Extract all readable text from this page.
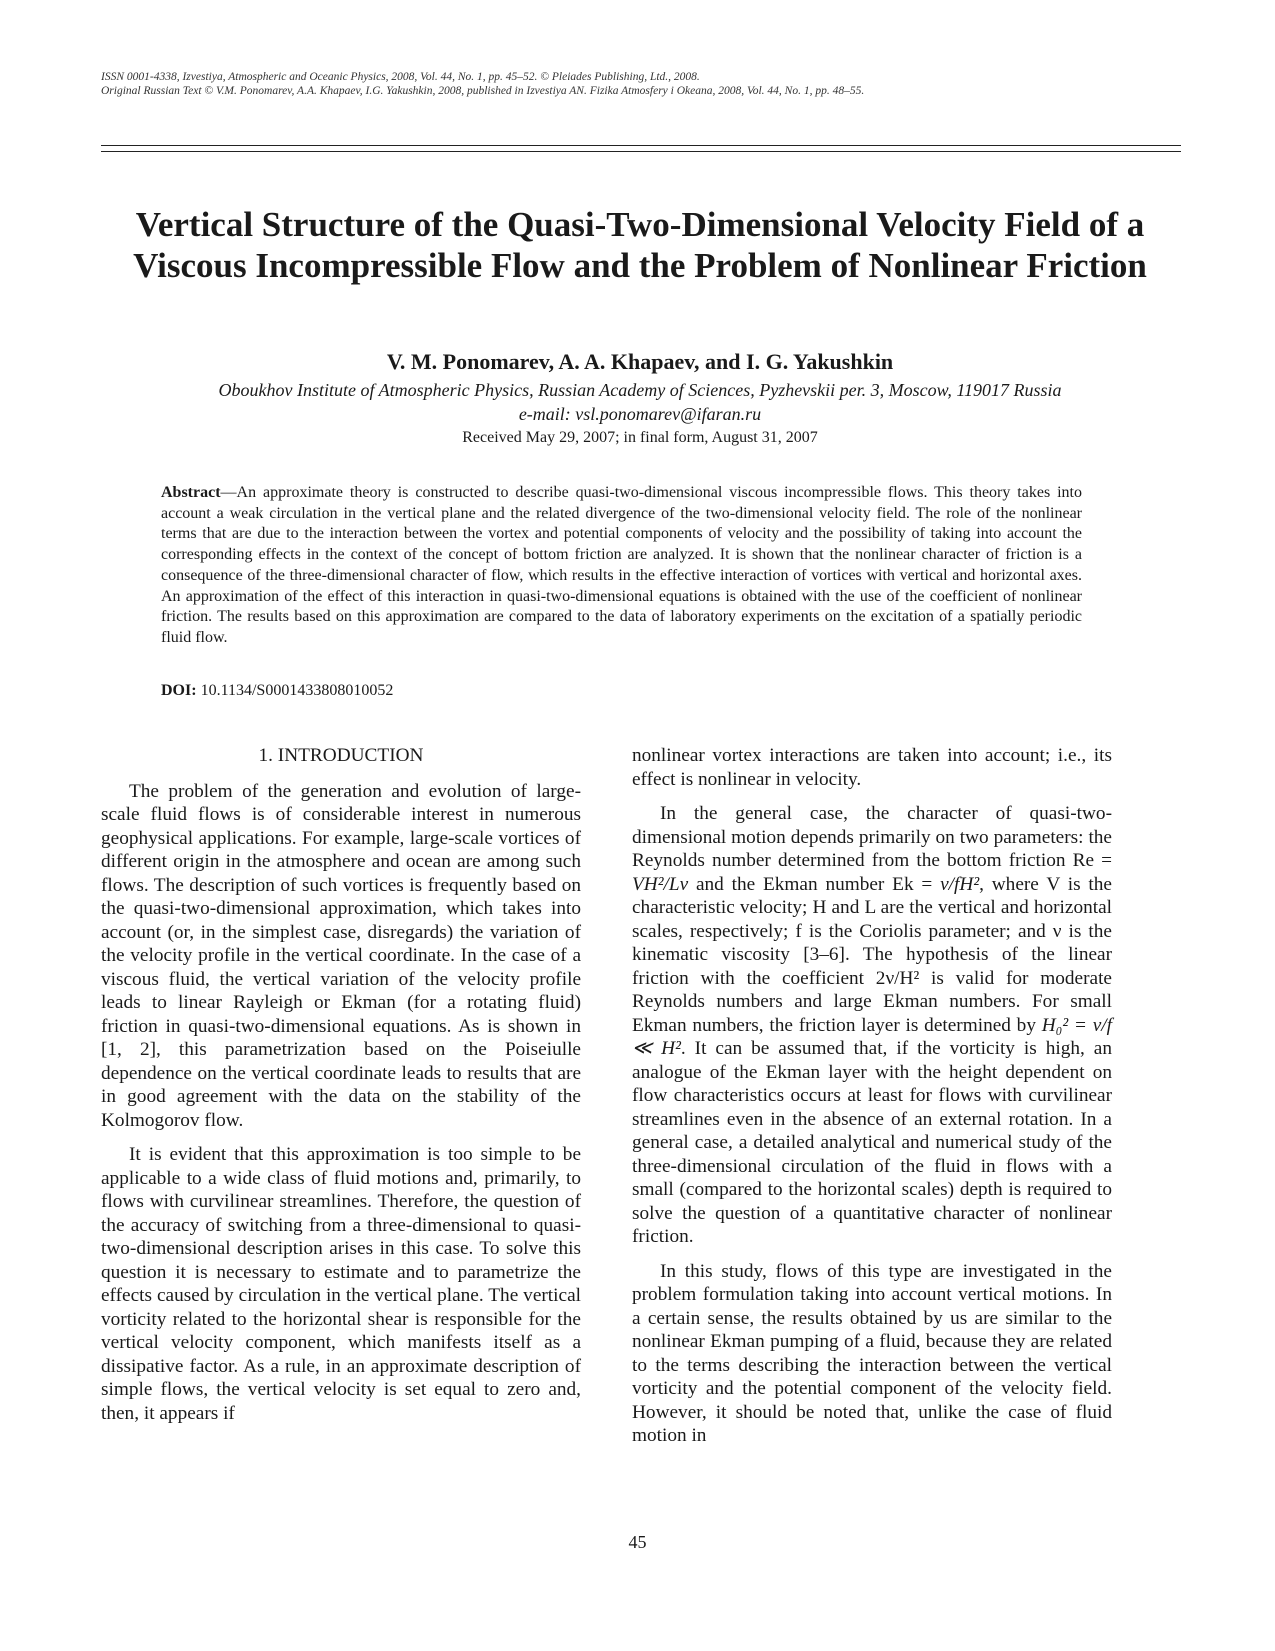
ISSN 0001-4338, Izvestiya, Atmospheric and Oceanic Physics, 2008, Vol. 44, No. 1, pp. 45–52. © Pleiades Publishing, Ltd., 2008.
Original Russian Text © V.M. Ponomarev, A.A. Khapaev, I.G. Yakushkin, 2008, published in Izvestiya AN. Fizika Atmosfery i Okeana, 2008, Vol. 44, No. 1, pp. 48–55.
Vertical Structure of the Quasi-Two-Dimensional Velocity Field of a Viscous Incompressible Flow and the Problem of Nonlinear Friction
V. M. Ponomarev, A. A. Khapaev, and I. G. Yakushkin
Oboukhov Institute of Atmospheric Physics, Russian Academy of Sciences, Pyzhevskii per. 3, Moscow, 119017 Russia
e-mail: vsl.ponomarev@ifaran.ru
Received May 29, 2007; in final form, August 31, 2007

Abstract—An approximate theory is constructed to describe quasi-two-dimensional viscous incompressible flows. This theory takes into account a weak circulation in the vertical plane and the related divergence of the two-dimensional velocity field. The role of the nonlinear terms that are due to the interaction between the vortex and potential components of velocity and the possibility of taking into account the corresponding effects in the context of the concept of bottom friction are analyzed. It is shown that the nonlinear character of friction is a consequence of the three-dimensional character of flow, which results in the effective interaction of vortices with vertical and horizontal axes. An approximation of the effect of this interaction in quasi-two-dimensional equations is obtained with the use of the coefficient of nonlinear friction. The results based on this approximation are compared to the data of laboratory experiments on the excitation of a spatially periodic fluid flow.

DOI: 10.1134/S0001433808010052
1. INTRODUCTION

The problem of the generation and evolution of large-scale fluid flows is of considerable interest in numerous geophysical applications. For example, large-scale vortices of different origin in the atmosphere and ocean are among such flows. The description of such vortices is frequently based on the quasi-two-dimensional approximation, which takes into account (or, in the simplest case, disregards) the variation of the velocity profile in the vertical coordinate. In the case of a viscous fluid, the vertical variation of the velocity profile leads to linear Rayleigh or Ekman (for a rotating fluid) friction in quasi-two-dimensional equations. As is shown in [1, 2], this parametrization based on the Poiseiulle dependence on the vertical coordinate leads to results that are in good agreement with the data on the stability of the Kolmogorov flow.

It is evident that this approximation is too simple to be applicable to a wide class of fluid motions and, primarily, to flows with curvilinear streamlines. Therefore, the question of the accuracy of switching from a three-dimensional to quasi-two-dimensional description arises in this case. To solve this question it is necessary to estimate and to parametrize the effects caused by circulation in the vertical plane. The vertical vorticity related to the horizontal shear is responsible for the vertical velocity component, which manifests itself as a dissipative factor. As a rule, in an approximate description of simple flows, the vertical velocity is set equal to zero and, then, it appears if

nonlinear vortex interactions are taken into account; i.e., its effect is nonlinear in velocity.

In the general case, the character of quasi-two-dimensional motion depends primarily on two parameters: the Reynolds number determined from the bottom friction Re = VH²/Lν and the Ekman number Ek = ν/fH², where V is the characteristic velocity; H and L are the vertical and horizontal scales, respectively; f is the Coriolis parameter; and ν is the kinematic viscosity [3–6]. The hypothesis of the linear friction with the coefficient 2ν/H² is valid for moderate Reynolds numbers and large Ekman numbers. For small Ekman numbers, the friction layer is determined by H₀² = ν/f ≪ H². It can be assumed that, if the vorticity is high, an analogue of the Ekman layer with the height dependent on flow characteristics occurs at least for flows with curvilinear streamlines even in the absence of an external rotation. In a general case, a detailed analytical and numerical study of the three-dimensional circulation of the fluid in flows with a small (compared to the horizontal scales) depth is required to solve the question of a quantitative character of nonlinear friction.

In this study, flows of this type are investigated in the problem formulation taking into account vertical motions. In a certain sense, the results obtained by us are similar to the nonlinear Ekman pumping of a fluid, because they are related to the terms describing the interaction between the vertical vorticity and the potential component of the velocity field. However, it should be noted that, unlike the case of fluid motion in

45
